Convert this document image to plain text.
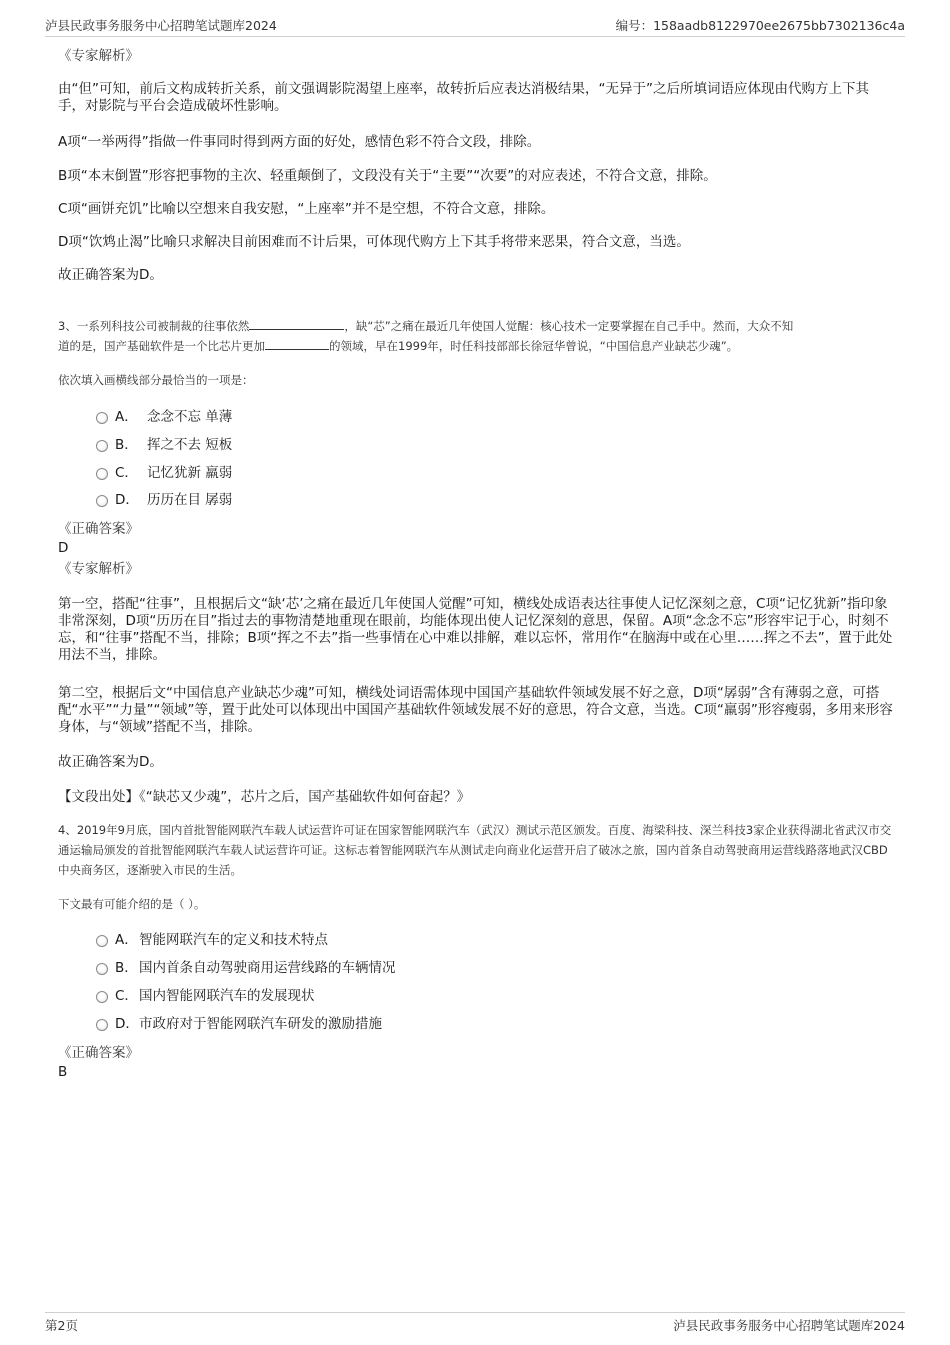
泸县民政事务服务中心招聘笔试题库2024	编号：158aadb8122970ee2675bb7302136c4a
《专家解析》
由“但”可知，前后文构成转折关系，前文强调影院渴望上座率，故转折后应表达消极结果，“无异于”之后所填词语应体现由代购方上下其手，对影院与平台会造成破坏性影响。
A项“一举两得”指做一件事同时得到两方面的好处，感情色彩不符合文段，排除。
B项“本末倒置”形容把事物的主次、轻重颠倒了，文段没有关于“主要”“次要”的对应表述，不符合文意，排除。
C项“画饼充饥”比喻以空想来自我安慰，“上座率”并不是空想，不符合文意，排除。
D项“饮鸩止渴”比喻只求解决目前困难而不计后果，可体现代购方上下其手将带来恶果，符合文意，当选。
故正确答案为D。
3、一系列科技公司被制裁的往事依然	，缺“芯”之痛在最近几年使国人觉醒：核心技术一定要掌握在自己手中。然而，大众不知
道的是，国产基础软件是一个比芯片更加	的领域，早在1999年，时任科技部部长徐冠华曾说，“中国信息产业缺芯少魂”。
依次填入画横线部分最恰当的一项是：
A． 念念不忘 单薄
B． 挥之不去 短板
C． 记忆犹新 羸弱
D． 历历在目 孱弱
《正确答案》
D
《专家解析》
第一空，搭配“往事”，且根据后文“缺‘芯’之痛在最近几年使国人觉醒”可知，横线处成语表达往事使人记忆深刻之意，C项“记忆犹新”指印象非常深刻，D项“历历在目”指过去的事物清楚地重现在眼前，均能体现出使人记忆深刻的意思，保留。A项“念念不忘”形容牢记于心，时刻不忘，和“往事”搭配不当，排除；B项“挥之不去”指一些事情在心中难以排解，难以忘怀，常用作“在脑海中或在心里……挥之不去”，置于此处用法不当，排除。
第二空，根据后文“中国信息产业缺芯少魂”可知，横线处词语需体现中国国产基础软件领域发展不好之意，D项“孱弱”含有薄弱之意，可搭配“水平”“力量”“领域”等，置于此处可以体现出中国国产基础软件领域发展不好的意思，符合文意，当选。C项“羸弱”形容瘦弱，多用来形容身体，与“领域”搭配不当，排除。
故正确答案为D。
【文段出处】《“缺芯又少魂”，芯片之后，国产基础软件如何奋起？》
4、2019年9月底，国内首批智能网联汽车载人试运营许可证在国家智能网联汽车（武汉）测试示范区颁发。百度、海梁科技、深兰科技3家企业获得湖北省武汉市交通运输局颁发的首批智能网联汽车载人试运营许可证。这标志着智能网联汽车从测试走向商业化运营开启了破冰之旅，国内首条自动驾驶商用运营线路落地武汉CBD中央商务区，逐渐驶入市民的生活。
下文最有可能介绍的是（ ）。
A．智能网联汽车的定义和技术特点
B．国内首条自动驾驶商用运营线路的车辆情况
C．国内智能网联汽车的发展现状
D．市政府对于智能网联汽车研发的激励措施
《正确答案》
B
第2页	泸县民政事务服务中心招聘笔试题库2024
